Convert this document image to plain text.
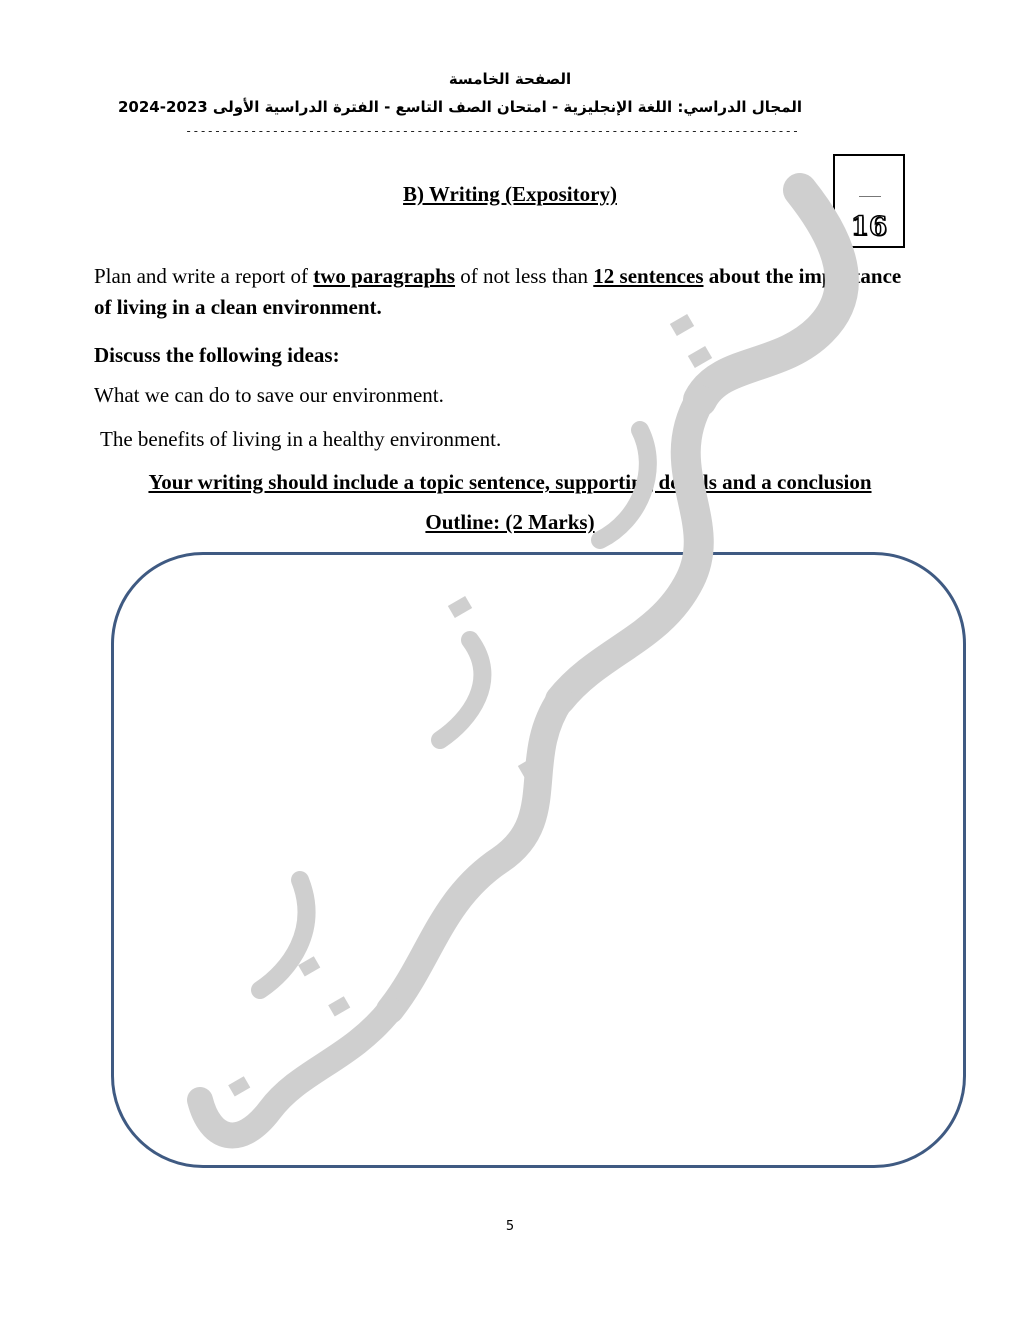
الصفحة الخامسة
المجال الدراسي: اللغة الإنجليزية - امتحان الصف التاسع - الفترة الدراسية الأولى 2023-2024
-------------------------------------------------------------------------------------
16
B) Writing (Expository)
Plan and write a report of two paragraphs of not less than 12 sentences about the importance of living in a clean environment.
Discuss the following ideas:
What we can do to save our environment.
The benefits of living in a healthy environment.
Your writing should include a topic sentence, supporting details and a conclusion
Outline: (2 Marks)
5
